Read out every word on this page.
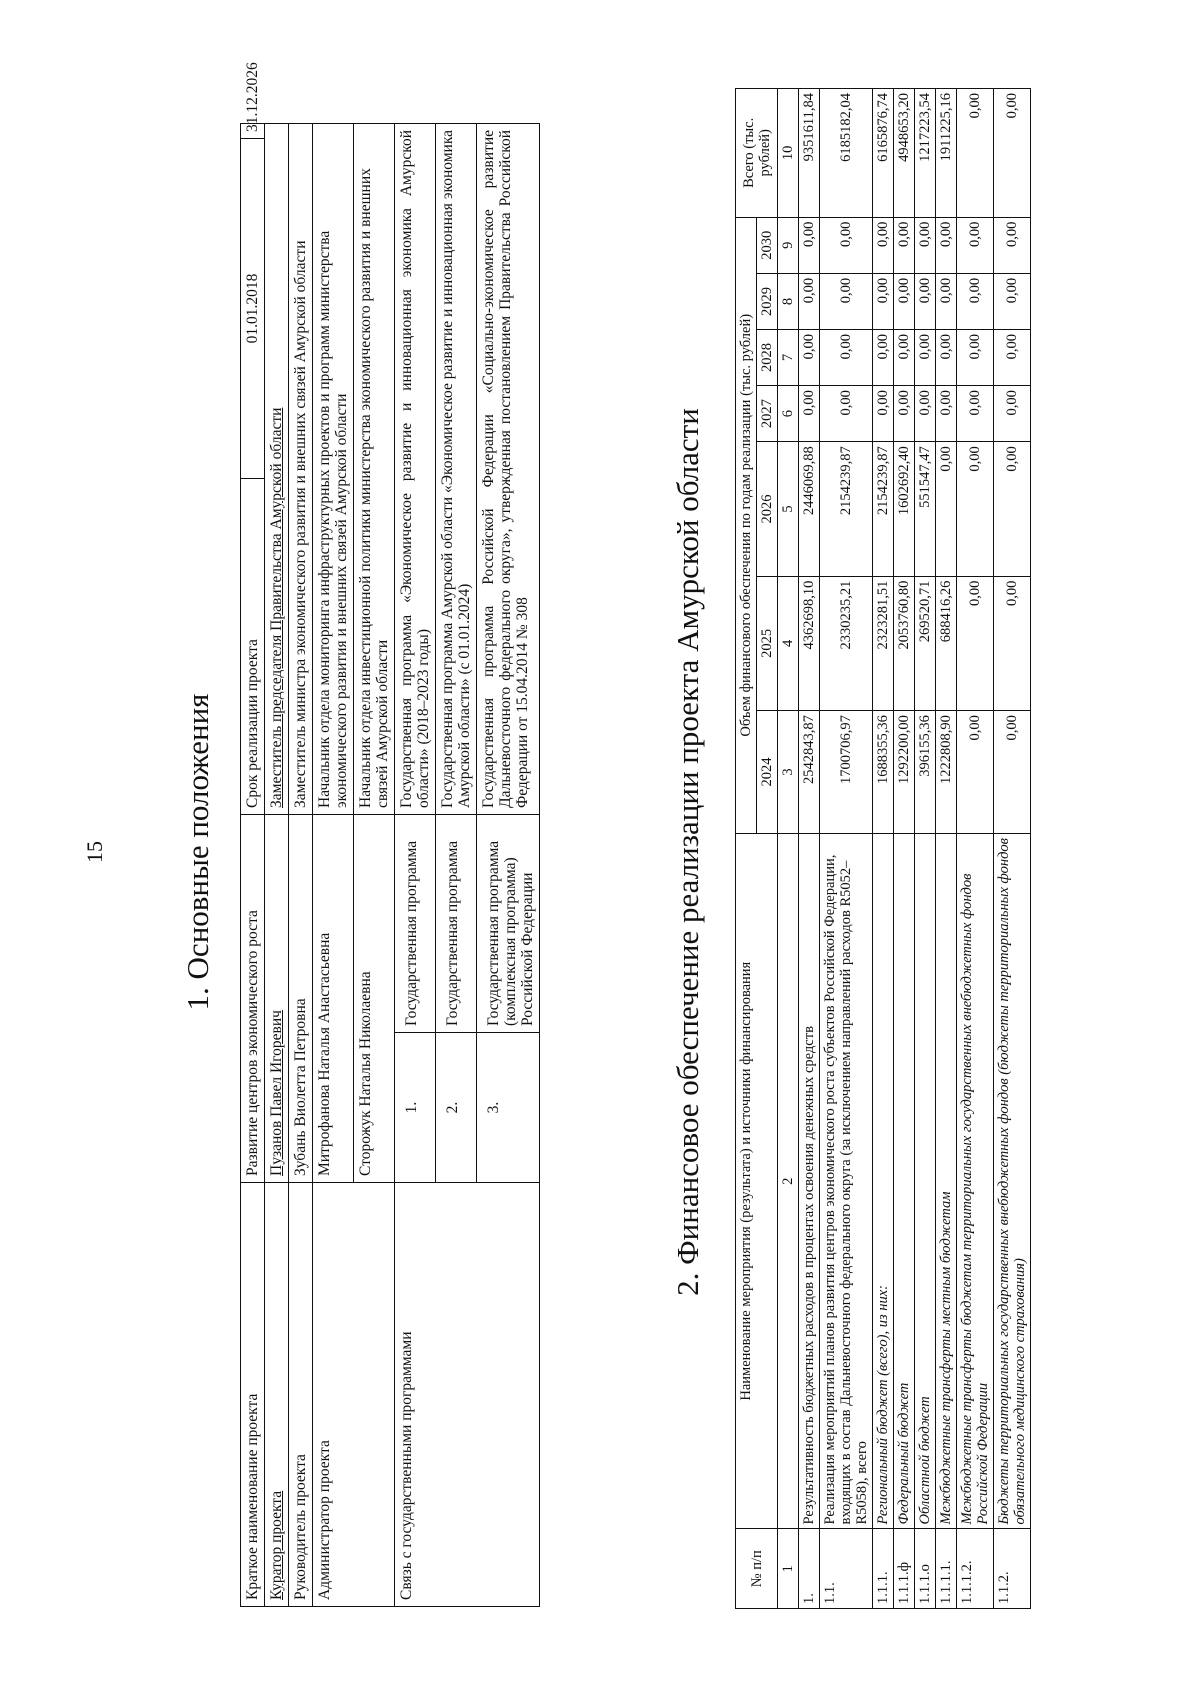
15 1. Основные положения
Краткое наименование проекта	Развитие центров экономического роста		Срок реализации проекта	01.01.2018	31.12.2026
Куратор проекта	Пузанов Павел Игоревич		Заместитель председателя Правительства Амурской области		
Руководитель проекта	Зубань Виолетта Петровна		Заместитель министра экономического развития и внешних связей Амурской области		
Администратор проекта	Митрофанова Наталья Анастасьевна		Начальник отдела мониторинга инфраструктурных проектов и программ министерства экономического развития и внешних связей Амурской области		
	Сторожук Наталья Николаевна		Начальник отдела инвестиционной политики министерства экономического развития и внешних связей Амурской области		
Связь с государственными программами	1.	Государственная программа	Государственная программа «Экономическое развитие и инновационная экономика Амурской области» (2018–2023 годы)		
	2.	Государственная программа	Государственная программа Амурской области «Экономическое развитие и инновационная экономика Амурской области» (с 01.01.2024)		
	3.	Государственная программа (комплексная программа) Российской Федерации	Государственная программа Российской Федерации «Социально-экономическое развитие Дальневосточного федерального округа», утвержденная постановлением Правительства Российской Федерации от 15.04.2014 № 308			2. Финансовое обеспечение реализации проекта Амурской области
№ п/п	Наименование мероприятия (результата) и источники финансирования	Объем финансового обеспечения по годам реализации (тыс. рублей)							Всего (тыс. рублей)
		2024	2025	2026	2027	2028	2029	2030	
1	2	3	4	5	6	7	8	9	10
1.	Результативность бюджетных расходов в процентах освоения денежных средств	2542843,87	4362698,10	2446069,88	0,00	0,00	0,00	0,00	9351611,84
1.1.	Реализация мероприятий планов развития центров экономического роста субъектов Российской Федерации, входящих в состав Дальневосточного федерального округа (за исключением направлений расходов R5052–R5058), всего	1700706,97	2330235,21	2154239,87	0,00	0,00	0,00	0,00	6185182,04
1.1.1.	Региональный бюджет (всего), из них:	1688355,36	2323281,51	2154239,87	0,00	0,00	0,00	0,00	6165876,74
1.1.1.ф	Федеральный бюджет	1292200,00	2053760,80	1602692,40	0,00	0,00	0,00	0,00	4948653,20
1.1.1.о	Областной бюджет	396155,36	269520,71	551547,47	0,00	0,00	0,00	0,00	1217223,54
1.1.1.1.	Межбюджетные трансферты местным бюджетам	1222808,90	688416,26	0,00	0,00	0,00	0,00	0,00	1911225,16
1.1.1.2.	Межбюджетные трансферты бюджетам территориальных государственных внебюджетных фондов Российской Федерации	0,00	0,00	0,00	0,00	0,00	0,00	0,00	0,00
1.1.2.	Бюджеты территориальных государственных внебюджетных фондов (бюджеты территориальных фондов обязательного медицинского страхования)	0,00	0,00	0,00	0,00	0,00	0,00	0,00	0,00
